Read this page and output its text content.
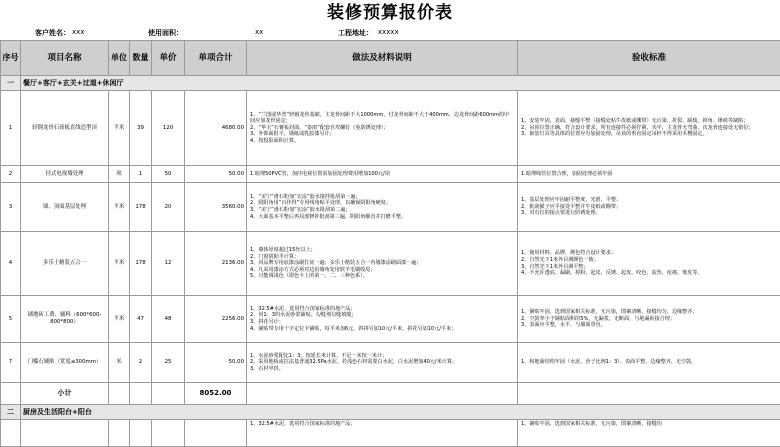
装修预算报价表
客户姓名： xxx	使用面积：	xx	工程地址： xxxxx
序号	项目名称	单位	数量	单价	单项合计	做法及材料说明	验收标准
一	餐厅+客厅+玄关+过道+休闲厅						
1	轻钢龙骨石膏板直线造型顶	平米	39	120	4680.00	1、“兰图或华普”轻钢龙骨基础，主龙骨间距不大1000mm，付龙骨间距不大于400mm，边龙骨间距600mm的中间应加龙骨固定；
2、“华玉”石膏板封面，“泰雨”配套自攻螺钉（免防锈处理）；
3、外饰面批平，墙纸或乳胶漆另计；
4、按投影面积计算。	1、安装牢固，表面、接缝平整（接缝处贴牛皮纸或绷带）无污染、折裂、缺棱、掉角、锤痕等缺陷；
2、吊顶位置正确，符合设计要求，所有连接件必须拧紧、夹牢，主龙骨无弯曲，次龙骨连接处无错位；
3、嵌装灯具等具体的位置应有加固处理，吊顶的垂直固定吊杆不得采用木楔固定。
2	挂式电视墙处理	项	1	50	50.00	1.暗埋50PVC管，加挂电视位置需加固处理费用增加100元/项	1.暗埋线管位置合理，加固处理必须牢固
3	墙、顶面基层处理	平米	178	20	3560.00	1、“美宁”滑石粉加“宏涂”胶水搅拌批刮第一遍；
2、阴阳角用“百佳得”专用线角贴平处理，以确保阴阳角硬度；
3、“美宁”滑石粉加“宏涂”胶水批刮第二遍；
4、大面基本平整后再局部修补批刮第三遍，阴阳角顺直并打磨平整。	1、基层处理应牢固耐平整度、光滑、平整；
2、批刮腻子应平接处平整并牛皮纸或绷带；
3、对有钉的接点要进行防锈处理。
4	多乐士精装五合一	平米	178	12	2136.00	1、墙体厚度超过15丝以上；
2、门窗阴阳半计算；
3、同品牌专用底漆涂刷打底一遍；多乐士精装五合一内墙漆涂刷面漆一遍；
4、凡采用漆涂方式必须对边沿墙角处用软羊毛刷收尾；
5、只能调浅色（即色卡上的第一、二、三种色系）。	1、使用材料、品牌、颜色符合设计要求；
2、自然光下1米外目测颜色一致；
3、自然光下1米外目测平整；
4、不允许透底、漏刷、掉粉、起皮、反锈、起皮、咬色、流坠、疙瘩、皱皮等。
5	铺地砖工费、辅料（600*600-800*800）	平米	47	48	2256.00	1、32.5#水泥，选用符合国家标准的地产品；
2、用1：3的水泥砂浆铺贴，勾缝剂勾缝填缝；
3、拼花另计；
4、铺贴带专用十字定位卡铺贴，每平米加6元，斜拼另加10元/平米，拼花另加10元/平米；	1、铺贴牢固，选到国家相关标准，无污染，图案清晰，接缝均匀，边缘整齐；
2、空鼓率小于铺贴面积的5%，无漏浆，无断面，与地漏衔接合理；
3、表面应平整，水平，与墙面垂直。
7	门槛石辅贴（宽度≤300mm）	米	2	25	50.00	1、水泥砂浆配比1：3，按延长米计算，不足一米按一米计；
2、采用地板或拉法基普通32.5Pa水泥。若浅色石材需要白水泥，白水泥增加40元/米计算；
3、石材甲供。	1、和地面结构牢固（水泥、沙子比例1：3）、表面平整、边缘整齐、无空鼓。
	小计				8052.00		
二	厨房及生活阳台+阳台						
						1、32.5#水泥，选用符合国家标准的地产品；	1、铺贴牢固，选到国家相关标准，无污染，图案清晰，接缝均
